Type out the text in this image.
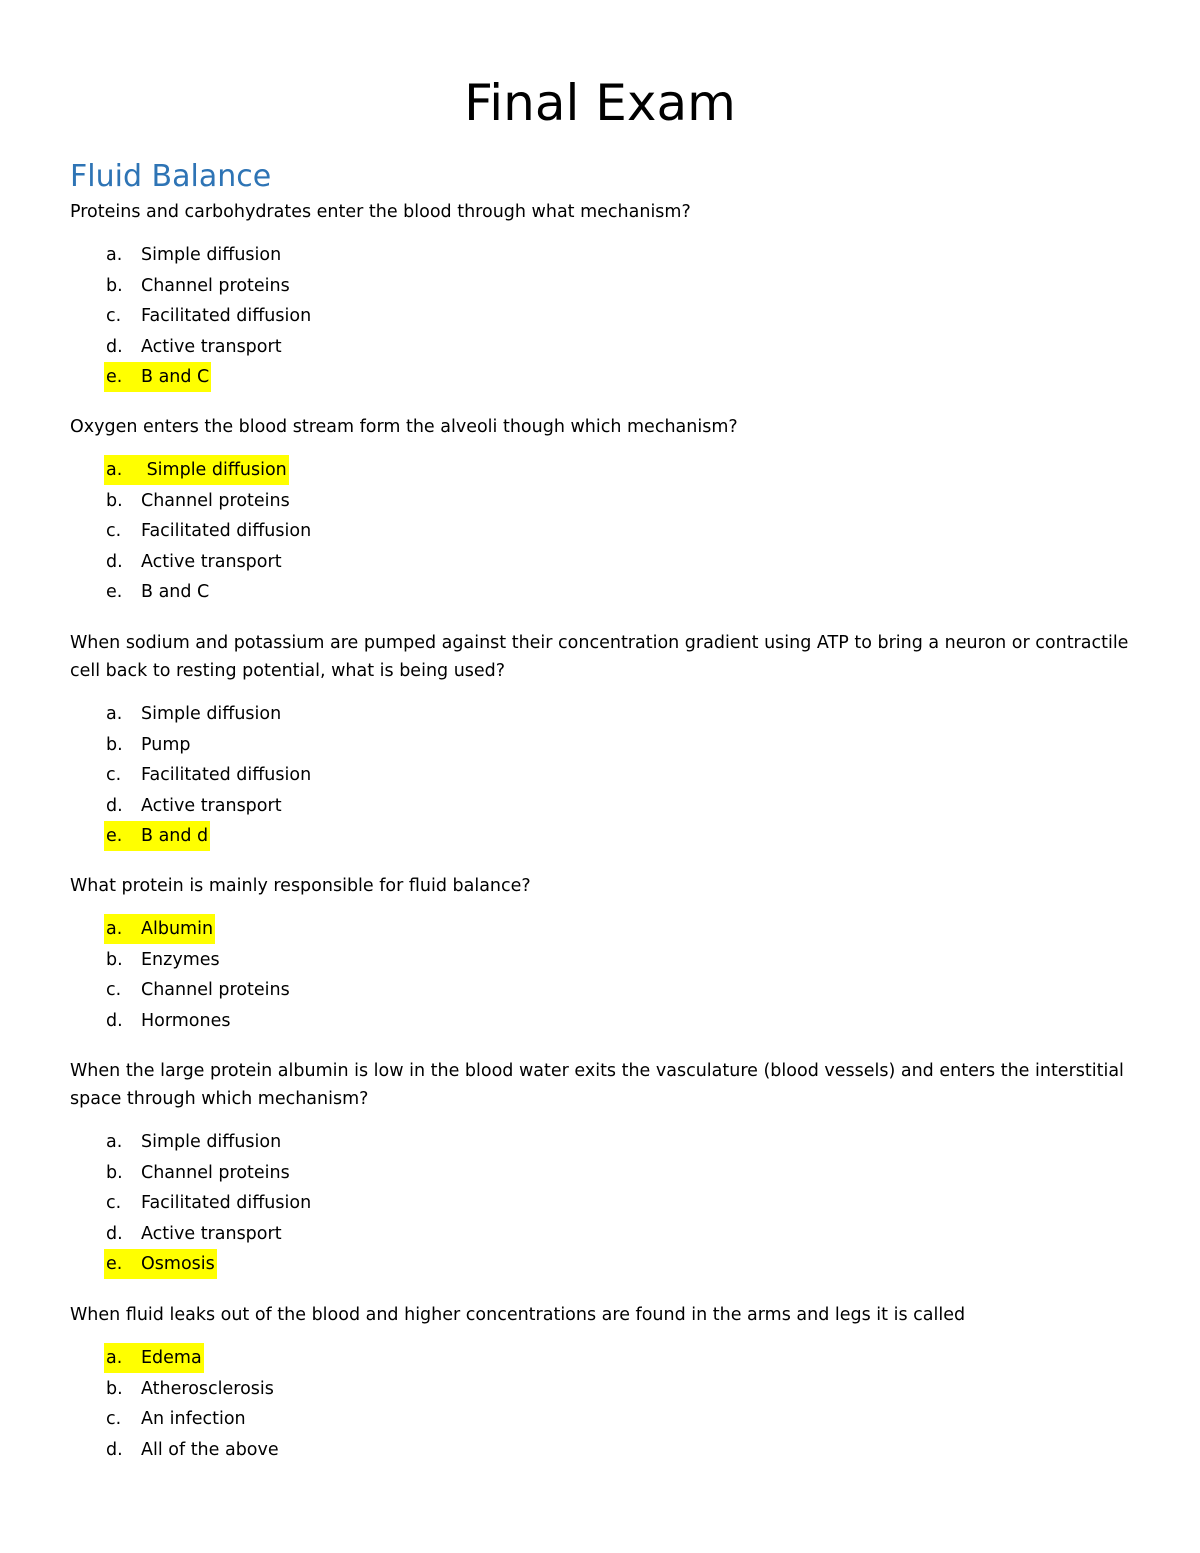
Final Exam
Fluid Balance

Proteins and carbohydrates enter the blood through what mechanism?

a. Simple diffusion
b. Channel proteins
c. Facilitated diffusion
d. Active transport
e. B and C

Oxygen enters the blood stream form the alveoli though which mechanism?

a. Simple diffusion
b. Channel proteins
c. Facilitated diffusion
d. Active transport
e. B and C

When sodium and potassium are pumped against their concentration gradient using ATP to bring a neuron or contractile cell back to resting potential, what is being used?

a. Simple diffusion
b. Pump
c. Facilitated diffusion
d. Active transport
e. B and d

What protein is mainly responsible for fluid balance?

a. Albumin
b. Enzymes
c. Channel proteins
d. Hormones

When the large protein albumin is low in the blood water exits the vasculature (blood vessels) and enters the interstitial space through which mechanism?

a. Simple diffusion
b. Channel proteins
c. Facilitated diffusion
d. Active transport
e. Osmosis

When fluid leaks out of the blood and higher concentrations are found in the arms and legs it is called

a. Edema
b. Atherosclerosis
c. An infection
d. All of the above
